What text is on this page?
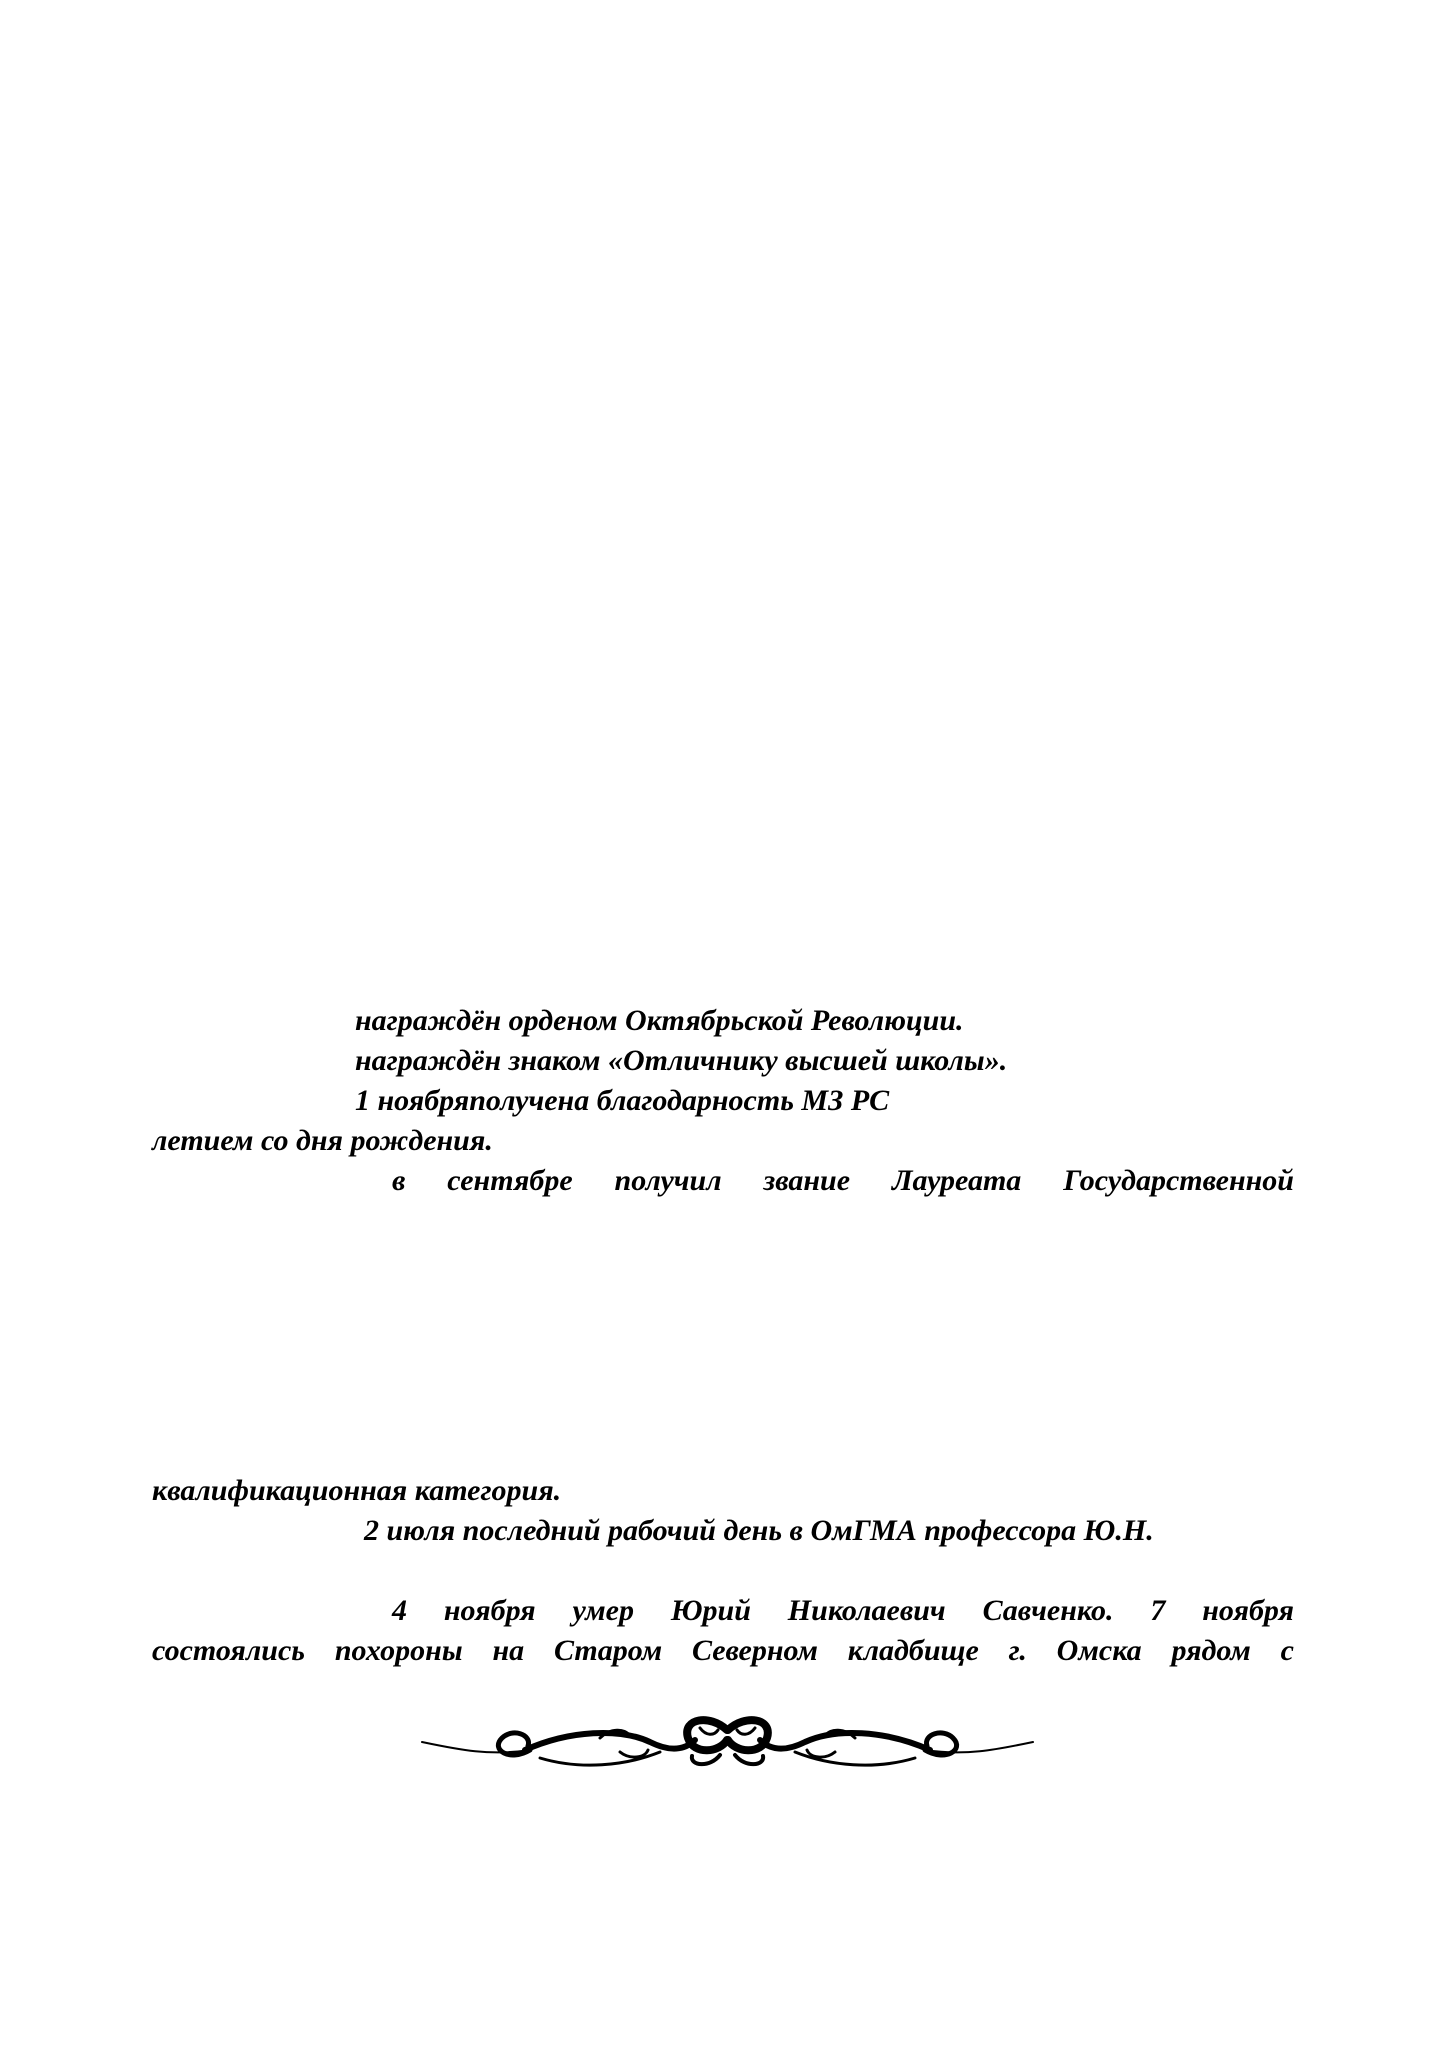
награждён орденом Октябрьской Революции.
награждён знаком «Отличнику высшей школы».
1 ноябряполучена благодарность МЗ РС
летием со дня рождения.
в сентябре получил звание Лауреата Государственной
квалификационная категория.
2 июля последний рабочий день в ОмГМА профессора Ю.Н.
4 ноября умер Юрий Николаевич Савченко. 7 ноября
состоялись похороны на Старом Северном кладбище г. Омска рядом с
